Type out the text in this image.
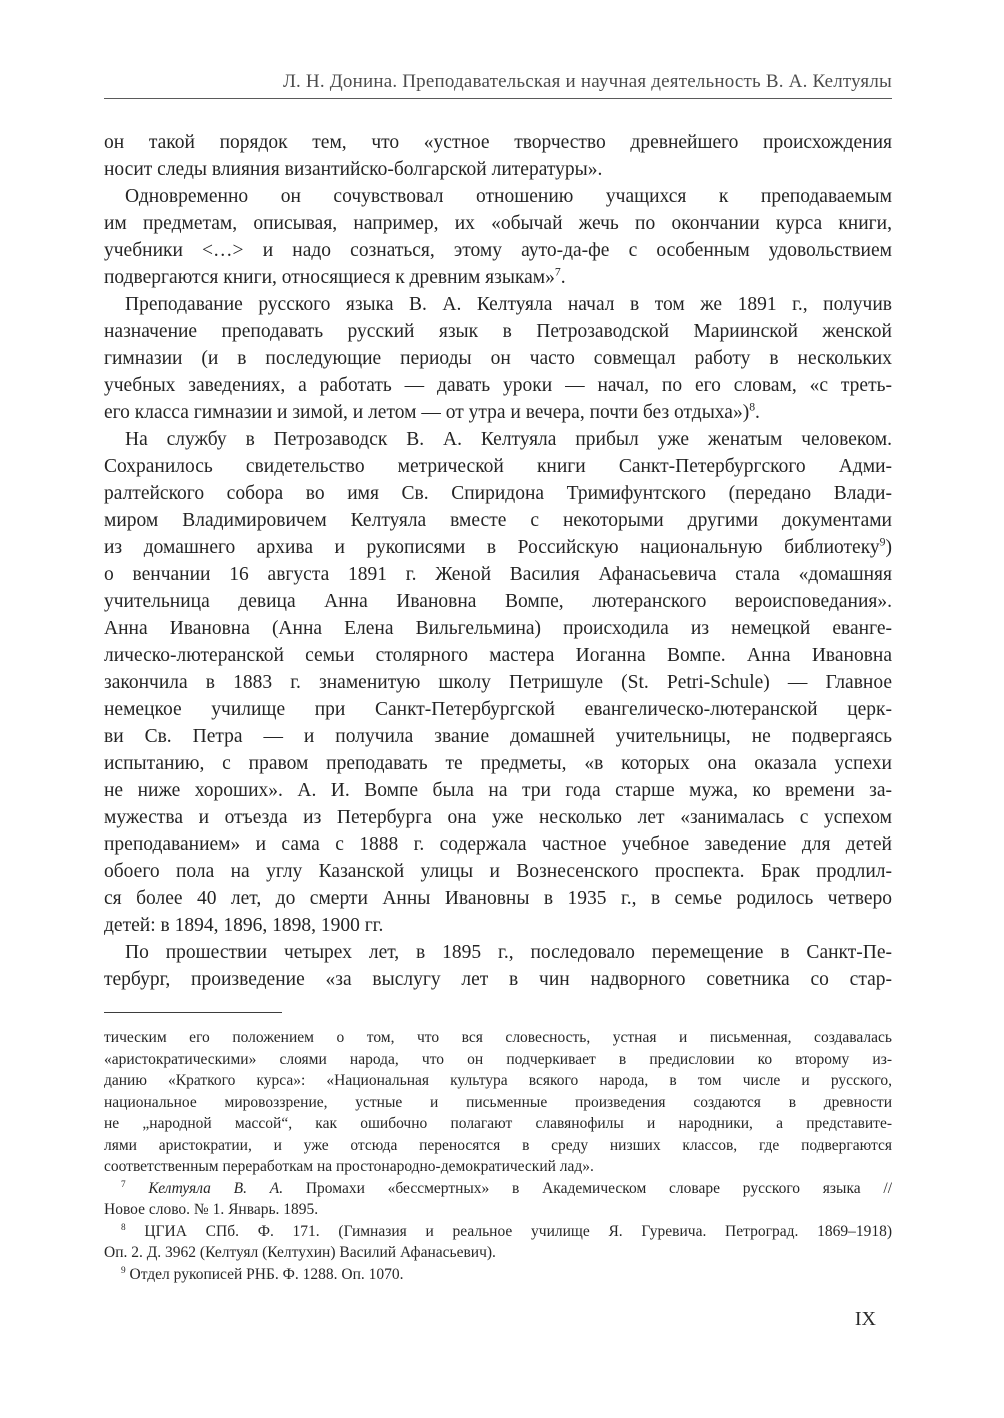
Л. Н. Донина. Преподавательская и научная деятельность В. А. Келтуялы
он такой порядок тем, что «устное творчество древнейшего происхождения
носит следы влияния византийско-болгарской литературы».
Одновременно он сочувствовал отношению учащихся к преподаваемым
им предметам, описывая, например, их «обычай жечь по окончании курса книги,
учебники <…> и надо сознаться, этому ауто-да-фе с особенным удовольствием
подвергаются книги, относящиеся к древним языкам»$^7$.
Преподавание русского языка В. А. Келтуяла начал в том же 1891 г., получив
назначение преподавать русский язык в Петрозаводской Мариинской женской
гимназии (и в последующие периоды он часто совмещал работу в нескольких
учебных заведениях, а работать — давать уроки — начал, по его словам, «с треть-
его класса гимназии и зимой, и летом — от утра и вечера, почти без отдыха»)$^8$.
На службу в Петрозаводск В. А. Келтуяла прибыл уже женатым человеком.
Сохранилось свидетельство метрической книги Санкт-Петербургского Адми-
ралтейского собора во имя Св. Спиридона Тримифунтского (передано Влади-
миром Владимировичем Келтуяла вместе с некоторыми другими документами
из домашнего архива и рукописями в Российскую национальную библиотеку$^9$)
о венчании 16 августа 1891 г. Женой Василия Афанасьевича стала «домашняя
учительница девица Анна Ивановна Вомпе, лютеранского вероисповедания».
Анна Ивановна (Анна Елена Вильгельмина) происходила из немецкой еванге-
лическо-лютеранской семьи столярного мастера Иоганна Вомпе. Анна Ивановна
закончила в 1883 г. знаменитую школу Петришуле (St. Petri-Schule) — Главное
немецкое училище при Санкт-Петербургской евангелическо-лютеранской церк-
ви Св. Петра — и получила звание домашней учительницы, не подвергаясь
испытанию, с правом преподавать те предметы, «в которых она оказала успехи
не ниже хороших». А. И. Вомпе была на три года старше мужа, ко времени за-
мужества и отъезда из Петербурга она уже несколько лет «занималась с успехом
преподаванием» и сама с 1888 г. содержала частное учебное заведение для детей
обоего пола на углу Казанской улицы и Вознесенского проспекта. Брак продлил-
ся более 40 лет, до смерти Анны Ивановны в 1935 г., в семье родилось четверо
детей: в 1894, 1896, 1898, 1900 гг.
По прошествии четырех лет, в 1895 г., последовало перемещение в Санкт-Пе-
тербург, произведение «за выслугу лет в чин надворного советника со стар-
тическим его положением о том, что вся словесность, устная и письменная, создавалась
«аристократическими» слоями народа, что он подчеркивает в предисловии ко второму из-
данию «Краткого курса»: «Национальная культура всякого народа, в том числе и русского,
национальное мировоззрение, устные и письменные произведения создаются в древности
не „народной массой“, как ошибочно полагают славянофилы и народники, а представите-
лями аристократии, и уже отсюда переносятся в среду низших классов, где подвергаются
соответственным переработкам на простонародно-демократический лад».
$^7$ Келтуяла В. А. Промахи «бессмертных» в Академическом словаре русского языка //
Новое слово. № 1. Январь. 1895.
$^8$ ЦГИА СПб. Ф. 171. (Гимназия и реальное училище Я. Гуревича. Петроград. 1869–1918)
Оп. 2. Д. 3962 (Келтуял (Келтухин) Василий Афанасьевич).
$^9$ Отдел рукописей РНБ. Ф. 1288. Оп. 1070.
IX
